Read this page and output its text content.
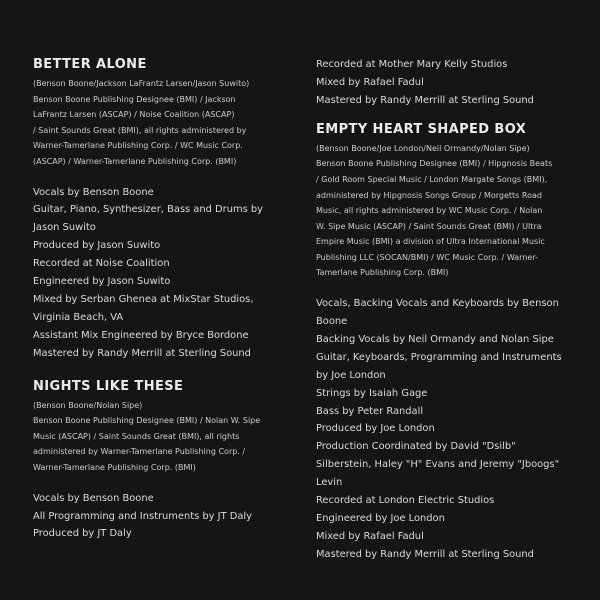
BETTER ALONE
(Benson Boone/Jackson LaFrantz Larsen/Jason Suwito)
Benson Boone Publishing Designee (BMI) / Jackson
LaFrantz Larsen (ASCAP) / Noise Coalition (ASCAP)
/ Saint Sounds Great (BMI), all rights administered by
Warner-Tamerlane Publishing Corp. / WC Music Corp.
(ASCAP) / Warner-Tamerlane Publishing Corp. (BMI)
Vocals by Benson Boone
Guitar, Piano, Synthesizer, Bass and Drums by
Jason Suwito
Produced by Jason Suwito
Recorded at Noise Coalition
Engineered by Jason Suwito
Mixed by Serban Ghenea at MixStar Studios,
Virginia Beach, VA
Assistant Mix Engineered by Bryce Bordone
Mastered by Randy Merrill at Sterling Sound
NIGHTS LIKE THESE
(Benson Boone/Nolan Sipe)
Benson Boone Publishing Designee (BMI) / Nolan W. Sipe
Music (ASCAP) / Saint Sounds Great (BMI), all rights
administered by Warner-Tamerlane Publishing Corp. /
Warner-Tamerlane Publishing Corp. (BMI)
Vocals by Benson Boone
All Programming and Instruments by JT Daly
Produced by JT Daly
Recorded at Mother Mary Kelly Studios
Mixed by Rafael Fadul
Mastered by Randy Merrill at Sterling Sound
EMPTY HEART SHAPED BOX
(Benson Boone/Joe London/Neil Ormandy/Nolan Sipe)
Benson Boone Publishing Designee (BMI) / Hipgnosis Beats
/ Gold Room Special Music / London Margate Songs (BMI),
administered by Hipgnosis Songs Group / Morgetts Road
Music, all rights administered by WC Music Corp. / Nolan
W. Sipe Music (ASCAP) / Saint Sounds Great (BMI) / Ultra
Empire Music (BMI) a division of Ultra International Music
Publishing LLC (SOCAN/BMI) / WC Music Corp. / Warner-
Tamerlane Publishing Corp. (BMI)
Vocals, Backing Vocals and Keyboards by Benson
Boone
Backing Vocals by Neil Ormandy and Nolan Sipe
Guitar, Keyboards, Programming and Instruments
by Joe London
Strings by Isaiah Gage
Bass by Peter Randall
Produced by Joe London
Production Coordinated by David "Dsilb"
Silberstein, Haley "H" Evans and Jeremy "Jboogs"
Levin
Recorded at London Electric Studios
Engineered by Joe London
Mixed by Rafael Fadul
Mastered by Randy Merrill at Sterling Sound
